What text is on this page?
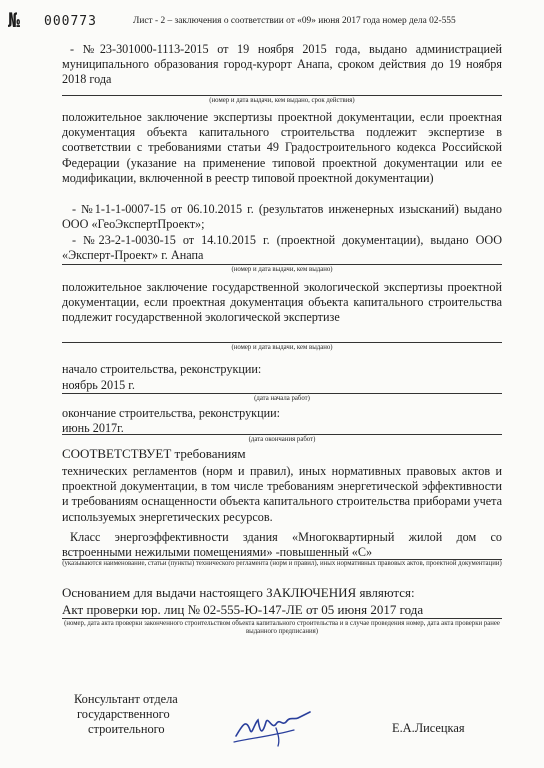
№ 000773	Лист - 2 – заключения о соответствии от «09» июня 2017 года номер дела 02-555
- №23-301000-1113-2015 от 19 ноября 2015 года, выдано администрацией муниципального образования город-курорт Анапа, сроком действия до 19 ноября 2018 года
(номер и дата выдачи, кем выдано, срок действия)
положительное заключение экспертизы проектной документации, если проектная документация объекта капитального строительства подлежит экспертизе в соответствии с требованиями статьи 49 Градостроительного кодекса Российской Федерации (указание на применение типовой проектной документации или ее модификации, включенной в реестр типовой проектной документации)
- №1-1-1-0007-15 от 06.10.2015 г. (результатов инженерных изысканий) выдано ООО «ГеоЭкспертПроект»;
- №23-2-1-0030-15 от 14.10.2015 г. (проектной документации), выдано ООО «Эксперт-Проект» г. Анапа
(номер и дата выдачи, кем выдано)
положительное заключение государственной экологической экспертизы проектной документации, если проектная документация объекта капитального строительства подлежит государственной экологической экспертизе
(номер и дата выдачи, кем выдано)
начало строительства, реконструкции:
ноябрь 2015 г.
(дата начала работ)
окончание строительства, реконструкции:
июнь 2017г.
(дата окончания работ)
СООТВЕТСТВУЕТ требованиям
технических регламентов (норм и правил), иных нормативных правовых актов и проектной документации, в том числе требованиям энергетической эффективности и требованиям оснащенности объекта капитального строительства приборами учета используемых энергетических ресурсов.
Класс энергоэффективности здания «Многоквартирный жилой дом со встроенными нежилыми помещениями» -повышенный «С»
(указываются наименование, статьи (пункты) технического регламента (норм и правил), иных нормативных правовых актов, проектной документации)
Основанием для выдачи настоящего ЗАКЛЮЧЕНИЯ являются:
Акт проверки юр. лиц № 02-555-Ю-147-ЛЕ от 05 июня 2017 года
(номер, дата акта проверки законченного строительством объекта капитального строительства и в случае проведения номер, дата акта проверки ранее выданного предписания)
Консультант отдела
государственного
строительного	Е.А.Лисецкая
